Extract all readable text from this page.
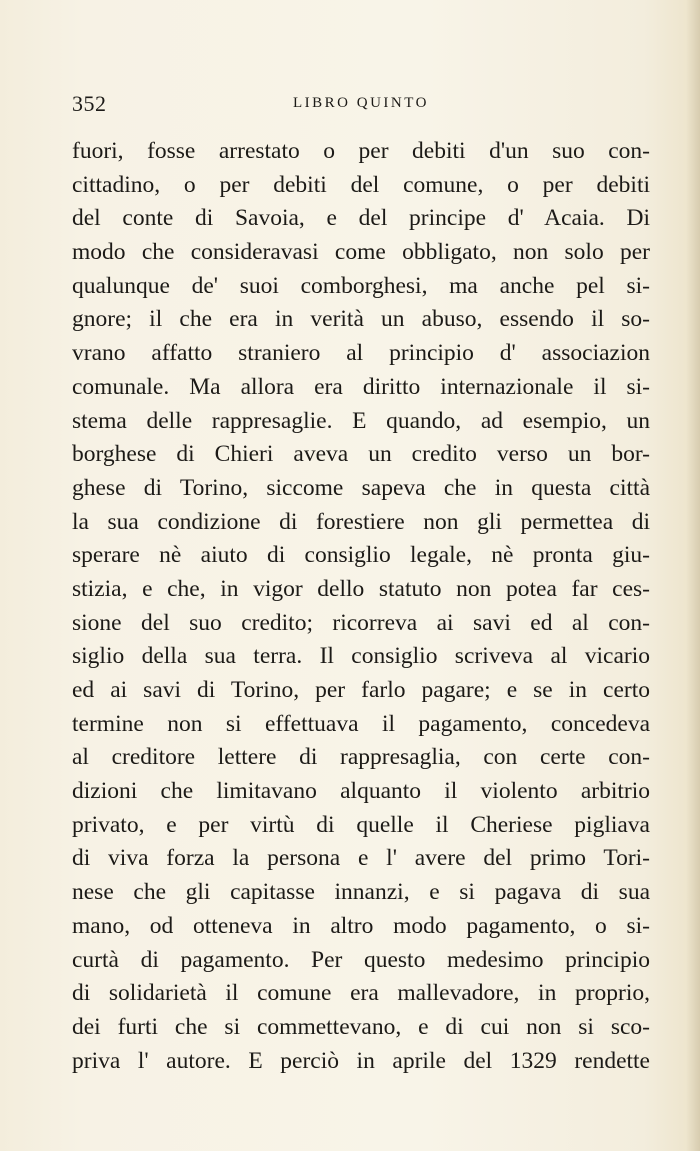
352	LIBRO QUINTO
fuori, fosse arrestato o per debiti d'un suo con-
cittadino, o per debiti del comune, o per debiti
del conte di Savoia, e del principe d' Acaia. Di
modo che consideravasi come obbligato, non solo per
qualunque de' suoi comborghesi, ma anche pel si-
gnore; il che era in verità un abuso, essendo il so-
vrano affatto straniero al principio d' associazion
comunale. Ma allora era diritto internazionale il si-
stema delle rappresaglie. E quando, ad esempio, un
borghese di Chieri aveva un credito verso un bor-
ghese di Torino, siccome sapeva che in questa città
la sua condizione di forestiere non gli permettea di
sperare nè aiuto di consiglio legale, nè pronta giu-
stizia, e che, in vigor dello statuto non potea far ces-
sione del suo credito; ricorreva ai savi ed al con-
siglio della sua terra. Il consiglio scriveva al vicario
ed ai savi di Torino, per farlo pagare; e se in certo
termine non si effettuava il pagamento, concedeva
al creditore lettere di rappresaglia, con certe con-
dizioni che limitavano alquanto il violento arbitrio
privato, e per virtù di quelle il Cheriese pigliava
di viva forza la persona e l' avere del primo Tori-
nese che gli capitasse innanzi, e si pagava di sua
mano, od otteneva in altro modo pagamento, o si-
curtà di pagamento. Per questo medesimo principio
di solidarietà il comune era mallevadore, in proprio,
dei furti che si commettevano, e di cui non si sco-
priva l' autore. E perciò in aprile del 1329 rendette
